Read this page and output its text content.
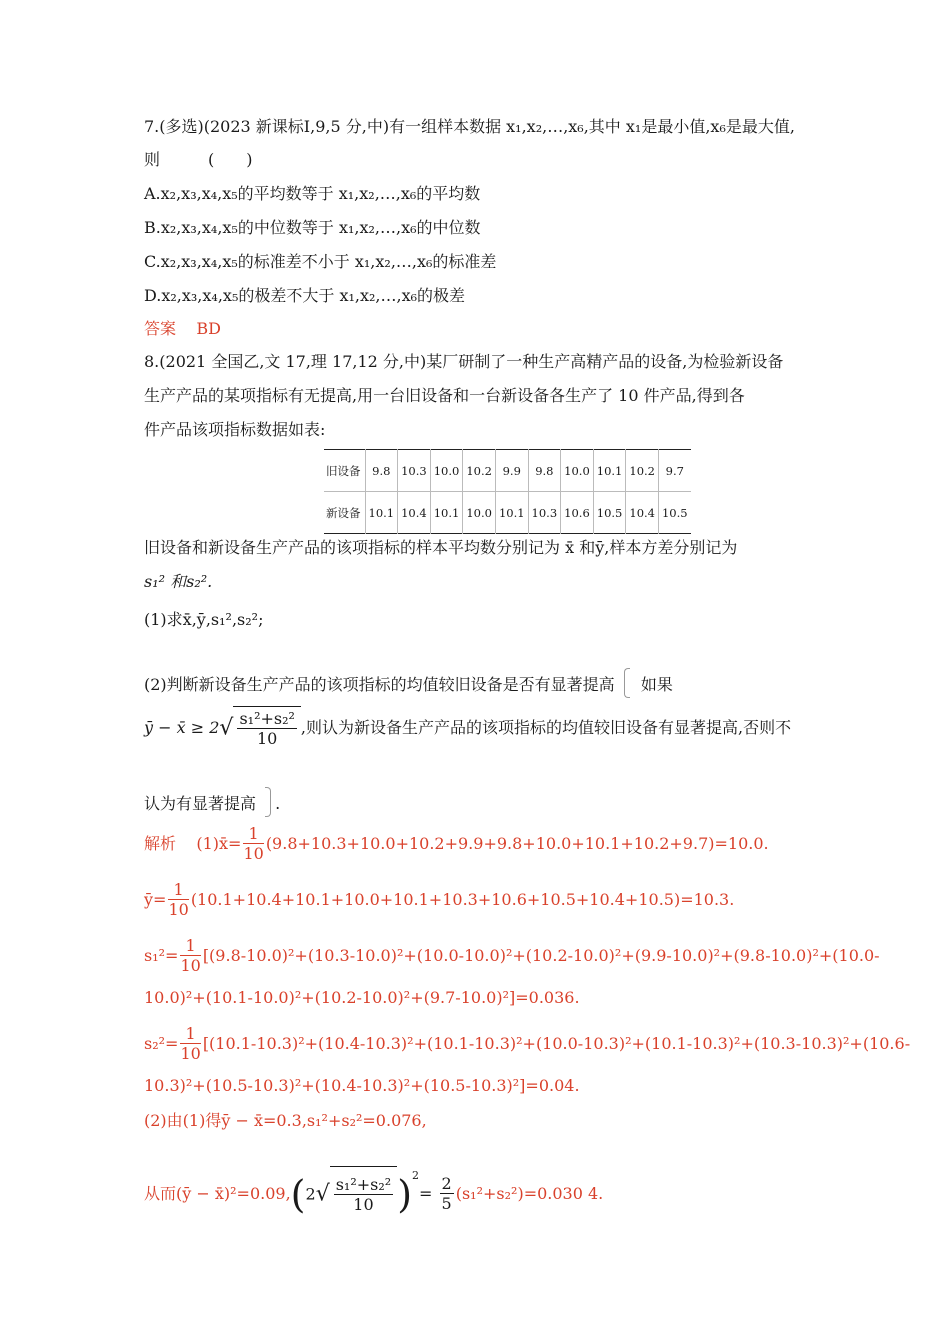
7.(多选)(2023 新课标Ⅰ,9,5 分,中)有一组样本数据 x₁,x₂,…,x₆,其中 x₁是最小值,x₆是最大值,
则　　　(　　)
A.x₂,x₃,x₄,x₅的平均数等于 x₁,x₂,…,x₆的平均数
B.x₂,x₃,x₄,x₅的中位数等于 x₁,x₂,…,x₆的中位数
C.x₂,x₃,x₄,x₅的标准差不小于 x₁,x₂,…,x₆的标准差
D.x₂,x₃,x₄,x₅的极差不大于 x₁,x₂,…,x₆的极差
答案 BD
8.(2021 全国乙,文 17,理 17,12 分,中)某厂研制了一种生产高精产品的设备,为检验新设备
生产产品的某项指标有无提高,用一台旧设备和一台新设备各生产了 10 件产品,得到各
件产品该项指标数据如表:
旧设备	9.8	10.3	10.0	10.2	9.9	9.8	10.0	10.1	10.2	9.7
新设备	10.1	10.4	10.1	10.0	10.1	10.3	10.6	10.5	10.4	10.5
旧设备和新设备生产产品的该项指标的样本平均数分别记为 x̄ 和ȳ,样本方差分别记为
s₁² 和s₂².
(1)求x̄,ȳ,s₁²,s₂²;
(2)判断新设备生产产品的该项指标的均值较旧设备是否有显著提高 如果
ȳ − x̄ ≥ $2√ \frac{\text{s₁²+s₂²}}{10}$ ,则认为新设备生产产品的该项指标的均值较旧设备有显著提高,否则不
认为有显著提高 .
解析 (1)x̄= $\frac{1}{10} (9.8+10.3+10.0+10.2+9.9+9.8+10.0+10.1+10.2+9.7)=10.0$.
ȳ= $\frac{1}{10} (10.1+10.4+10.1+10.0+10.1+10.3+10.6+10.5+10.4+10.5)=10.3$.
$s_1^2= \frac{1}{10} [(9.8-10.0)^2+(10.3-10.0)^2+(10.0-10.0)^2+(10.2-10.0)^2+(9.9-10.0)^2+(9.8-10.0)^2+(10.0-$
10.0)²+(10.1-10.0)²+(10.2-10.0)²+(9.7-10.0)²]=0.036.
$s_2^2= \frac{1}{10} [(10.1-10.3)^2+(10.4-10.3)^2+(10.1-10.3)^2+(10.0-10.3)^2+(10.1-10.3)^2+(10.3-10.3)^2+(10.6-$
10.3)²+(10.5-10.3)²+(10.4-10.3)²+(10.5-10.3)²]=0.04.
(2)由(1)得ȳ − x̄=0.3,s₁²+s₂²=0.076,
从而(ȳ − x̄)²=0.09,(2√ $\frac{\text{s₁²+s₂²}}{10} )^2= \frac{2}{5} (s_1^2+s_2^2)=0.030$ 4.
